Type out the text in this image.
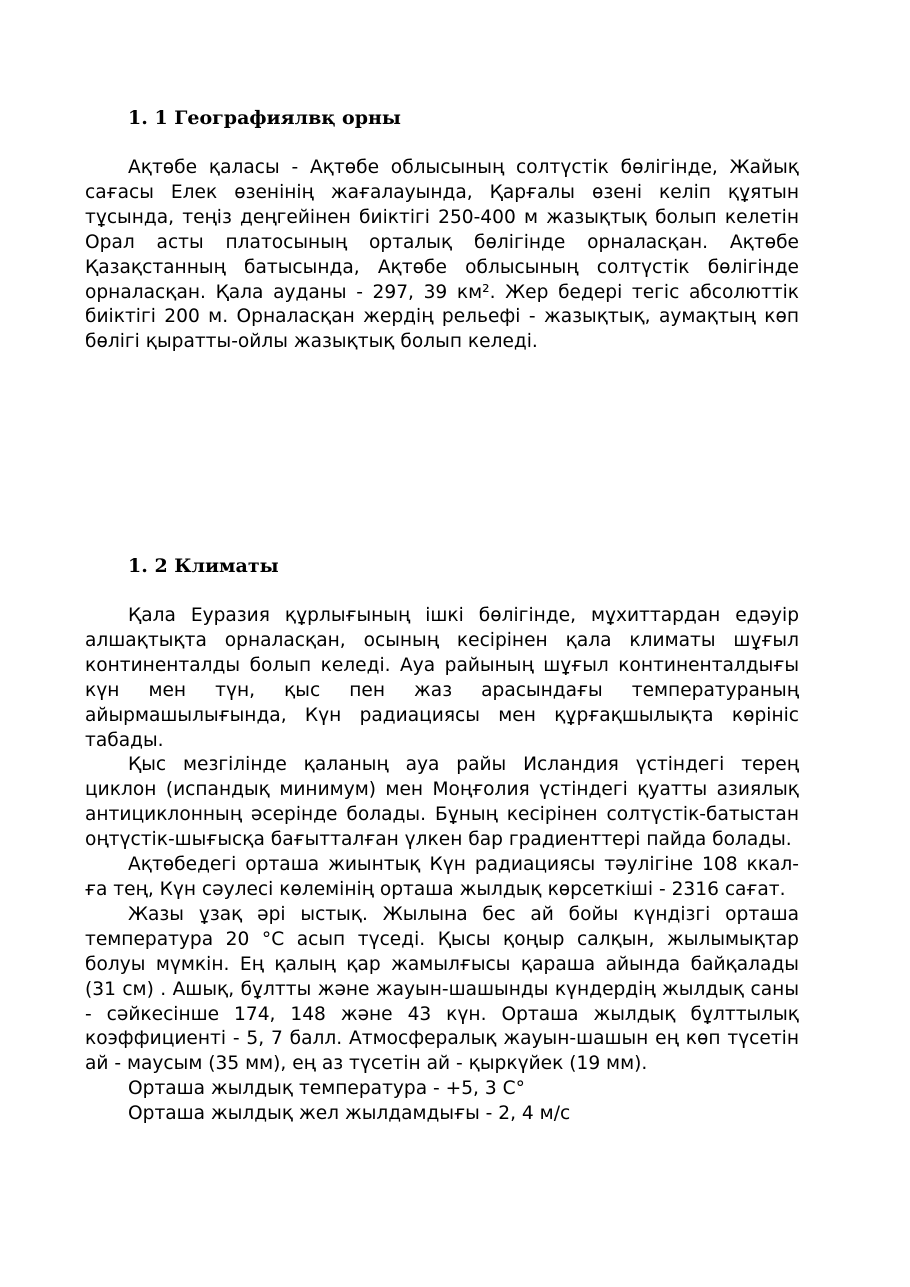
1. 1 Географиялвқ орны

Ақтөбе қаласы - Ақтөбе облысының солтүстік бөлігінде, Жайық сағасы Елек өзенінің жағалауында, Қарғалы өзені келіп құятын тұсында, теңіз деңгейінен биіктігі 250-400 м жазықтық болып келетін Орал асты платосының орталық бөлігінде орналасқан. Ақтөбе Қазақстанның батысында, Ақтөбе облысының солтүстік бөлігінде орналасқан. Қала ауданы - 297, 39 км². Жер бедері тегіс абсолюттік биіктігі 200 м. Орналасқан жердің рельефі - жазықтық, аумақтың көп бөлігі қыратты-ойлы жазықтық болып келеді.

1. 2 Климаты

Қала Еуразия құрлығының ішкі бөлігінде, мұхиттардан едәуір алшақтықта орналасқан, осының кесірінен қала климаты шұғыл континенталды болып келеді. Ауа райының шұғыл континенталдығы күн мен түн, қыс пен жаз арасындағы температураның айырмашылығында, Күн радиациясы мен құрғақшылықта көрініс табады.

Қыс мезгілінде қаланың ауа райы Исландия үстіндегі терең циклон (испандық минимум) мен Моңғолия үстіндегі қуатты азиялық антициклонның әсерінде болады. Бұның кесірінен солтүстік-батыстан оңтүстік-шығысқа бағытталған үлкен бар градиенттері пайда болады.

Ақтөбедегі орташа жиынтық Күн радиациясы тәулігіне 108 ккал-ға тең, Күн сәулесі көлемінің орташа жылдық көрсеткіші - 2316 сағат.

Жазы ұзақ әрі ыстық. Жылына бес ай бойы күндізгі орташа температура 20 °C асып түседі. Қысы қоңыр салқын, жылымықтар болуы мүмкін. Ең қалың қар жамылғысы қараша айында байқалады (31 см) . Ашық, бұлтты және жауын-шашынды күндердің жылдық саны - сәйкесінше 174, 148 және 43 күн. Орташа жылдық бұлттылық коэффициенті - 5, 7 балл. Атмосфералық жауын-шашын ең көп түсетін ай - маусым (35 мм), ең аз түсетін ай - қыркүйек (19 мм).

Орташа жылдық температура - +5, 3 C°

Орташа жылдық жел жылдамдығы - 2, 4 м/с
